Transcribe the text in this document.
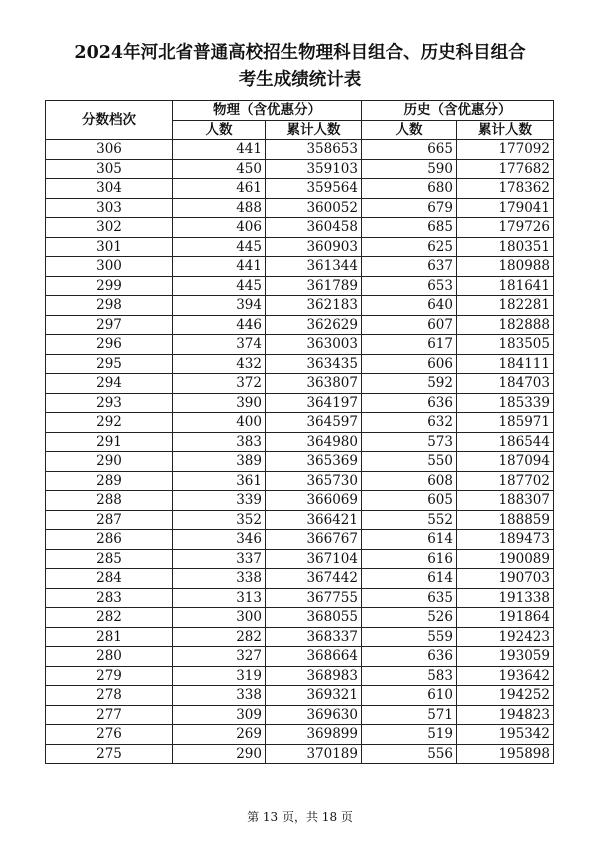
2024年河北省普通高校招生物理科目组合、历史科目组合
考生成绩统计表
分数档次	物理（含优惠分）		历史（含优惠分）	
	人数	累计人数	人数	累计人数
306	441	358653	665	177092
305	450	359103	590	177682
304	461	359564	680	178362
303	488	360052	679	179041
302	406	360458	685	179726
301	445	360903	625	180351
300	441	361344	637	180988
299	445	361789	653	181641
298	394	362183	640	182281
297	446	362629	607	182888
296	374	363003	617	183505
295	432	363435	606	184111
294	372	363807	592	184703
293	390	364197	636	185339
292	400	364597	632	185971
291	383	364980	573	186544
290	389	365369	550	187094
289	361	365730	608	187702
288	339	366069	605	188307
287	352	366421	552	188859
286	346	366767	614	189473
285	337	367104	616	190089
284	338	367442	614	190703
283	313	367755	635	191338
282	300	368055	526	191864
281	282	368337	559	192423
280	327	368664	636	193059
279	319	368983	583	193642
278	338	369321	610	194252
277	309	369630	571	194823
276	269	369899	519	195342
275	290	370189	556	195898
第 13 页，共 18 页
